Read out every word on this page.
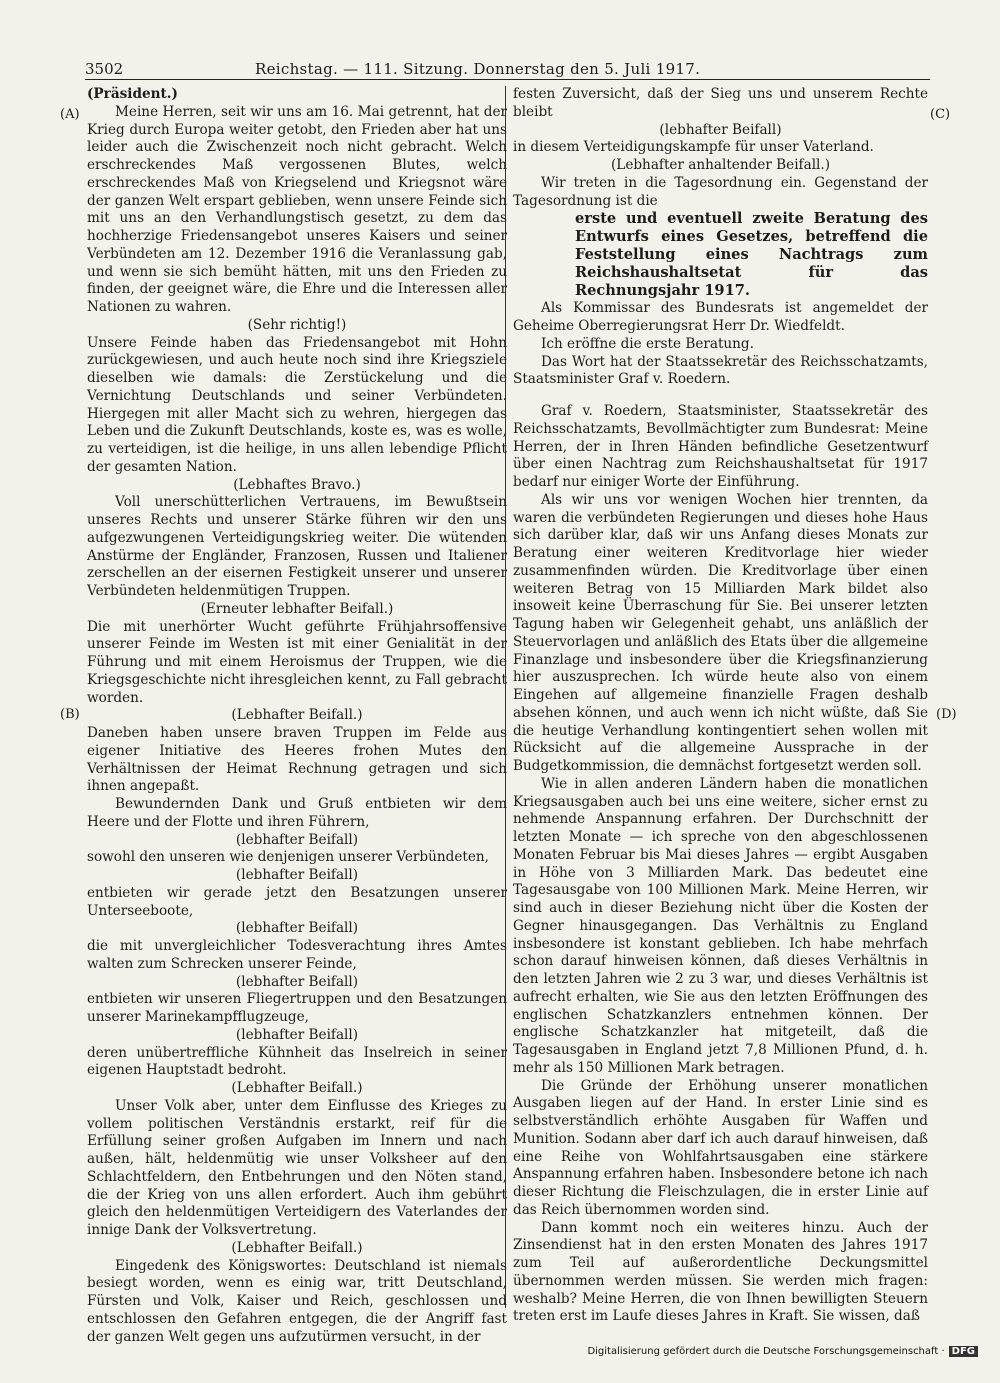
3502	Reichstag. — 111. Sitzung. Donnerstag den 5. Juli 1917.
(A)
(B)
(C)
(D)

(Präsident.)

Meine Herren, seit wir uns am 16. Mai getrennt, hat der Krieg durch Europa weiter getobt, den Frieden aber hat uns leider auch die Zwischenzeit noch nicht gebracht. Welch erschreckendes Maß vergossenen Blutes, welch erschreckendes Maß von Kriegselend und Kriegsnot wäre der ganzen Welt erspart geblieben, wenn unsere Feinde sich mit uns an den Verhandlungstisch gesetzt, zu dem das hochherzige Friedensangebot unseres Kaisers und seiner Verbündeten am 12. Dezember 1916 die Veranlassung gab, und wenn sie sich bemüht hätten, mit uns den Frieden zu finden, der geeignet wäre, die Ehre und die Interessen aller Nationen zu wahren.

(Sehr richtig!)

Unsere Feinde haben das Friedensangebot mit Hohn zurückgewiesen, und auch heute noch sind ihre Kriegsziele dieselben wie damals: die Zerstückelung und die Vernichtung Deutschlands und seiner Verbündeten. Hiergegen mit aller Macht sich zu wehren, hiergegen das Leben und die Zukunft Deutschlands, koste es, was es wolle, zu verteidigen, ist die heilige, in uns allen lebendige Pflicht der gesamten Nation.

(Lebhaftes Bravo.)

Voll unerschütterlichen Vertrauens, im Bewußtsein unseres Rechts und unserer Stärke führen wir den uns aufgezwungenen Verteidigungskrieg weiter. Die wütenden Anstürme der Engländer, Franzosen, Russen und Italiener zerschellen an der eisernen Festigkeit unserer und unserer Verbündeten heldenmütigen Truppen.

(Erneuter lebhafter Beifall.)

Die mit unerhörter Wucht geführte Frühjahrsoffensive unserer Feinde im Westen ist mit einer Genialität in der Führung und mit einem Heroismus der Truppen, wie die Kriegsgeschichte nicht ihresgleichen kennt, zu Fall gebracht worden.

(Lebhafter Beifall.)

Daneben haben unsere braven Truppen im Felde aus eigener Initiative des Heeres frohen Mutes den Verhältnissen der Heimat Rechnung getragen und sich ihnen angepaßt.

Bewundernden Dank und Gruß entbieten wir dem Heere und der Flotte und ihren Führern,

(lebhafter Beifall)

sowohl den unseren wie denjenigen unserer Verbündeten,

(lebhafter Beifall)

entbieten wir gerade jetzt den Besatzungen unserer Unterseeboote,

(lebhafter Beifall)

die mit unvergleichlicher Todesverachtung ihres Amtes walten zum Schrecken unserer Feinde,

(lebhafter Beifall)

entbieten wir unseren Fliegertruppen und den Besatzungen unserer Marinekampfflugzeuge,

(lebhafter Beifall)

deren unübertreffliche Kühnheit das Inselreich in seiner eigenen Hauptstadt bedroht.

(Lebhafter Beifall.)

Unser Volk aber, unter dem Einflusse des Krieges zu vollem politischen Verständnis erstarkt, reif für die Erfüllung seiner großen Aufgaben im Innern und nach außen, hält, heldenmütig wie unser Volksheer auf den Schlachtfeldern, den Entbehrungen und den Nöten stand, die der Krieg von uns allen erfordert. Auch ihm gebührt gleich den heldenmütigen Verteidigern des Vaterlandes der innige Dank der Volksvertretung.

(Lebhafter Beifall.)

Eingedenk des Königswortes: Deutschland ist niemals besiegt worden, wenn es einig war, tritt Deutschland, Fürsten und Volk, Kaiser und Reich, geschlossen und entschlossen den Gefahren entgegen, die der Angriff fast der ganzen Welt gegen uns aufzutürmen versucht, in der

festen Zuversicht, daß der Sieg uns und unserem Rechte bleibt

(lebhafter Beifall)

in diesem Verteidigungskampfe für unser Vaterland.

(Lebhafter anhaltender Beifall.)

Wir treten in die Tagesordnung ein. Gegenstand der Tagesordnung ist die

erste und eventuell zweite Beratung des Entwurfs eines Gesetzes, betreffend die Feststellung eines Nachtrags zum Reichshaushaltsetat für das Rechnungsjahr 1917.

Als Kommissar des Bundesrats ist angemeldet der Geheime Oberregierungsrat Herr Dr. Wiedfeldt.

Ich eröffne die erste Beratung.

Das Wort hat der Staatssekretär des Reichsschatzamts, Staatsminister Graf v. Roedern.

Graf v. Roedern, Staatsminister, Staatssekretär des Reichsschatzamts, Bevollmächtigter zum Bundesrat: Meine Herren, der in Ihren Händen befindliche Gesetzentwurf über einen Nachtrag zum Reichshaushaltsetat für 1917 bedarf nur einiger Worte der Einführung.

Als wir uns vor wenigen Wochen hier trennten, da waren die verbündeten Regierungen und dieses hohe Haus sich darüber klar, daß wir uns Anfang dieses Monats zur Beratung einer weiteren Kreditvorlage hier wieder zusammenfinden würden. Die Kreditvorlage über einen weiteren Betrag von 15 Milliarden Mark bildet also insoweit keine Überraschung für Sie. Bei unserer letzten Tagung haben wir Gelegenheit gehabt, uns anläßlich der Steuervorlagen und anläßlich des Etats über die allgemeine Finanzlage und insbesondere über die Kriegsfinanzierung hier auszusprechen. Ich würde heute also von einem Eingehen auf allgemeine finanzielle Fragen deshalb absehen können, und auch wenn ich nicht wüßte, daß Sie die heutige Verhandlung kontingentiert sehen wollen mit Rücksicht auf die allgemeine Aussprache in der Budgetkommission, die demnächst fortgesetzt werden soll.

Wie in allen anderen Ländern haben die monatlichen Kriegsausgaben auch bei uns eine weitere, sicher ernst zu nehmende Anspannung erfahren. Der Durchschnitt der letzten Monate — ich spreche von den abgeschlossenen Monaten Februar bis Mai dieses Jahres — ergibt Ausgaben in Höhe von 3 Milliarden Mark. Das bedeutet eine Tagesausgabe von 100 Millionen Mark. Meine Herren, wir sind auch in dieser Beziehung nicht über die Kosten der Gegner hinausgegangen. Das Verhältnis zu England insbesondere ist konstant geblieben. Ich habe mehrfach schon darauf hinweisen können, daß dieses Verhältnis in den letzten Jahren wie 2 zu 3 war, und dieses Verhältnis ist aufrecht erhalten, wie Sie aus den letzten Eröffnungen des englischen Schatzkanzlers entnehmen können. Der englische Schatzkanzler hat mitgeteilt, daß die Tagesausgaben in England jetzt 7,8 Millionen Pfund, d. h. mehr als 150 Millionen Mark betragen.

Die Gründe der Erhöhung unserer monatlichen Ausgaben liegen auf der Hand. In erster Linie sind es selbstverständlich erhöhte Ausgaben für Waffen und Munition. Sodann aber darf ich auch darauf hinweisen, daß eine Reihe von Wohlfahrtsausgaben eine stärkere Anspannung erfahren haben. Insbesondere betone ich nach dieser Richtung die Fleischzulagen, die in erster Linie auf das Reich übernommen worden sind.

Dann kommt noch ein weiteres hinzu. Auch der Zinsendienst hat in den ersten Monaten des Jahres 1917 zum Teil auf außerordentliche Deckungsmittel übernommen werden müssen. Sie werden mich fragen: weshalb? Meine Herren, die von Ihnen bewilligten Steuern treten erst im Laufe dieses Jahres in Kraft. Sie wissen, daß

Digitalisierung gefördert durch die Deutsche Forschungsgemeinschaft · DFG
